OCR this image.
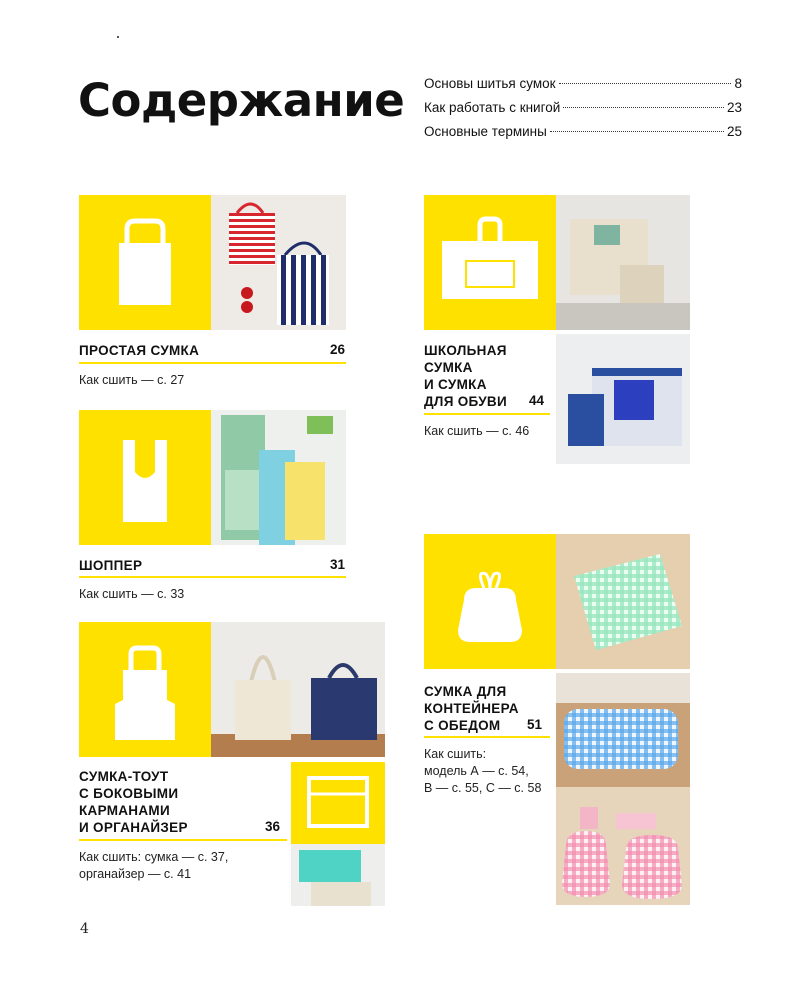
Содержание Основы шитья сумок	8
Как работать с книгой	23
Основные термины	25
ПРОСТАЯ СУМКА	26
Как сшить — с. 27
ШОППЕР	31
Как сшить — с. 33
СУМКА-ТОУТ
С БОКОВЫМИ
КАРМАНАМИ
И ОРГАНАЙЗЕР	36
Как сшить: сумка — с. 37,
органайзер — с. 41
ШКОЛЬНАЯ
СУМКА
И СУМКА
ДЛЯ ОБУВИ	44
Как сшить — с. 46
СУМКА ДЛЯ
КОНТЕЙНЕРА
С ОБЕДОМ	51
Как сшить:
модель А — с. 54,
В — с. 55, С — с. 58
4
